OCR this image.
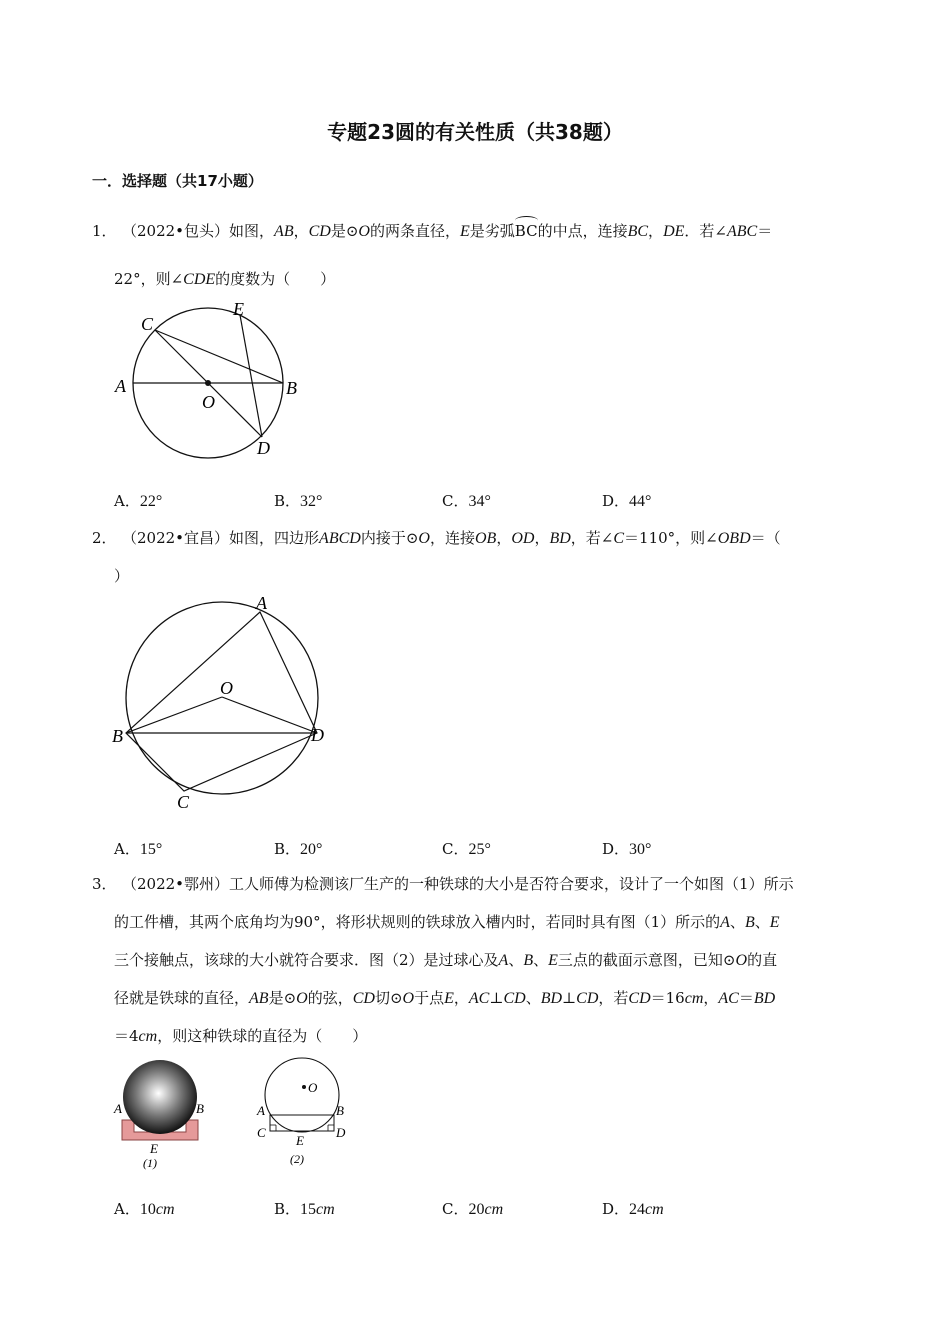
专题23圆的有关性质（共38题）
一．选择题（共17小题）
1． （2022•包头）如图，AB，CD是⊙O的两条直径，E是劣弧BC的中点，连接BC，DE．若∠ABC＝
22°，则∠CDE的度数为（　　）
A	B
C
D
E
O
A．22°	B．32°	C．34°	D．44°
2． （2022•宜昌）如图，四边形ABCD内接于⊙O，连接OB，OD，BD，若∠C＝110°，则∠OBD＝（
）
A
B
C
D
O
A．15°	B．20°	C．25°	D．30°
3． （2022•鄂州）工人师傅为检测该厂生产的一种铁球的大小是否符合要求，设计了一个如图（1）所示
的工件槽，其两个底角均为90°，将形状规则的铁球放入槽内时，若同时具有图（1）所示的A、B、E
三个接触点，该球的大小就符合要求．图（2）是过球心及A、B、E三点的截面示意图，已知⊙O的直
径就是铁球的直径，AB是⊙O的弦，CD切⊙O于点E，AC⊥CD、BD⊥CD，若CD＝16cm，AC＝BD
＝4cm，则这种铁球的直径为（　　）
A	B
E
(1)
O
A	B
C	D
E
(2)
A．10cm	B．15cm	C．20cm	D．24cm
